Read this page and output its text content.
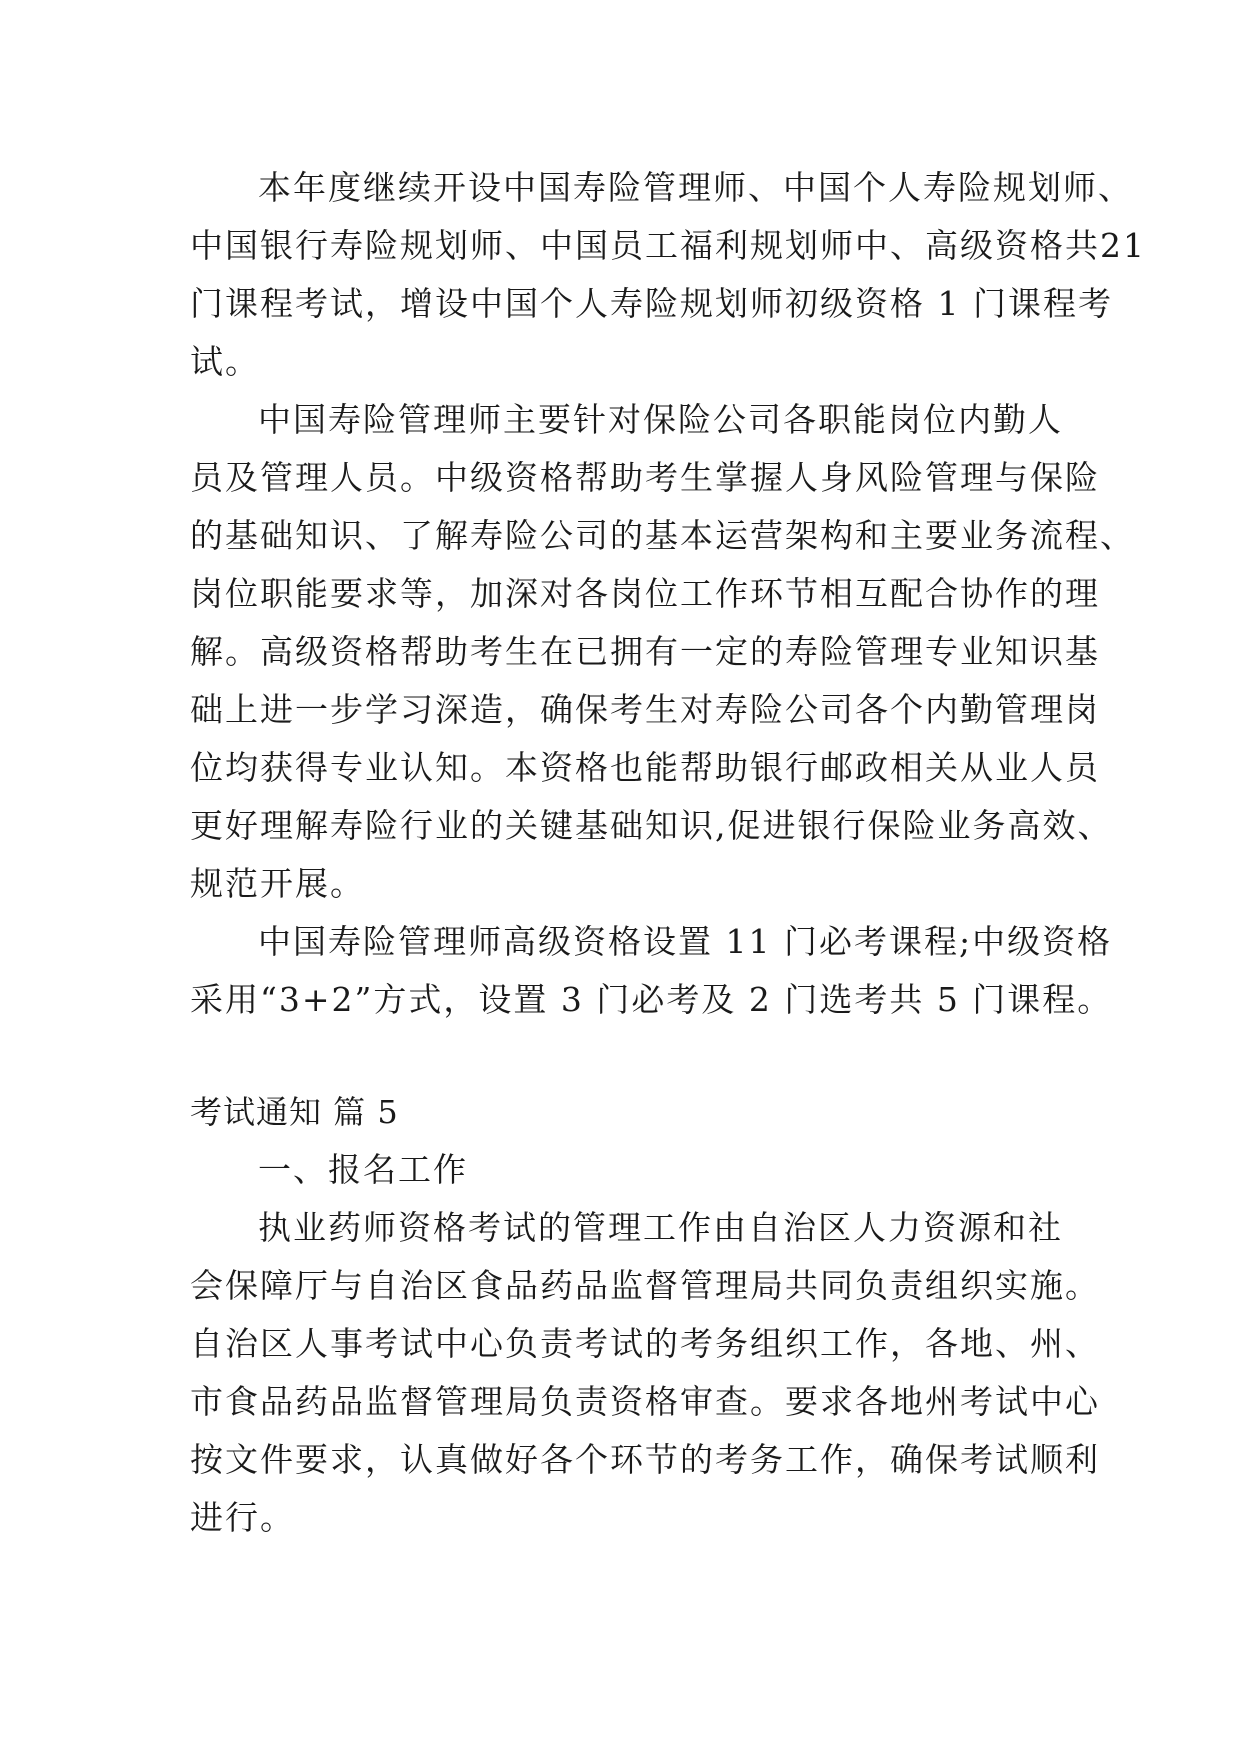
本年度继续开设中国寿险管理师、中国个人寿险规划师、

中国银行寿险规划师、中国员工福利规划师中、高级资格共21

门课程考试，增设中国个人寿险规划师初级资格 1 门课程考

试。

中国寿险管理师主要针对保险公司各职能岗位内勤人

员及管理人员。中级资格帮助考生掌握人身风险管理与保险

的基础知识、了解寿险公司的基本运营架构和主要业务流程、

岗位职能要求等，加深对各岗位工作环节相互配合协作的理

解。高级资格帮助考生在已拥有一定的寿险管理专业知识基

础上进一步学习深造，确保考生对寿险公司各个内勤管理岗

位均获得专业认知。本资格也能帮助银行邮政相关从业人员

更好理解寿险行业的关键基础知识,促进银行保险业务高效、

规范开展。

中国寿险管理师高级资格设置 11 门必考课程;中级资格

采用“3+2”方式，设置 3 门必考及 2 门选考共 5 门课程。

考试通知 篇 5

一、报名工作

执业药师资格考试的管理工作由自治区人力资源和社

会保障厅与自治区食品药品监督管理局共同负责组织实施。

自治区人事考试中心负责考试的考务组织工作，各地、州、

市食品药品监督管理局负责资格审查。要求各地州考试中心

按文件要求，认真做好各个环节的考务工作，确保考试顺利

进行。
